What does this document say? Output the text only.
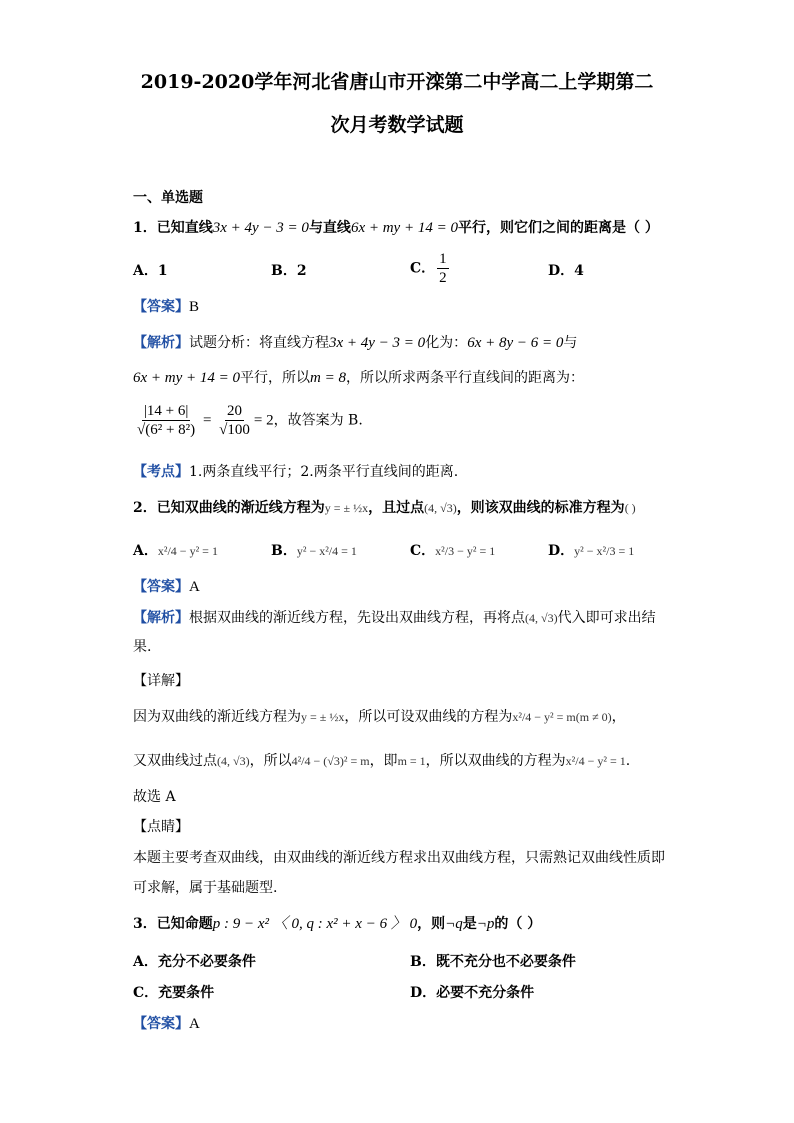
2019-2020学年河北省唐山市开滦第二中学高二上学期第二
次月考数学试题
一、单选题
1．已知直线3x + 4y − 3 = 0与直线6x + my + 14 = 0平行，则它们之间的距离是（ ）
A．1	B．2	C． $\frac{1}{2}$	D．4
【答案】B
【解析】试题分析：将直线方程3x + 4y − 3 = 0化为：6x + 8y − 6 = 0与
6x + my + 14 = 0平行，所以m = 8，所以所求两条平行直线间的距离为：
$\frac{|14 + 6|}{\text{√(6² + 8²)}} = \frac{20}{√100} = 2$，故答案为 B.
【考点】1.两条直线平行；2.两条平行直线间的距离.
2．已知双曲线的渐近线方程为y = ± ½x，且过点(4, √3)，则该双曲线的标准方程为( )
A．x²/4 − y² = 1	B．y² − x²/4 = 1	C．x²/3 − y² = 1	D．y² − x²/3 = 1
【答案】A
【解析】根据双曲线的渐近线方程，先设出双曲线方程，再将点(4, √3)代入即可求出结
果.
【详解】
因为双曲线的渐近线方程为y = ± ½x，所以可设双曲线的方程为x²/4 − y² = m(m ≠ 0)，
又双曲线过点(4, √3)，所以4²/4 − (√3)² = m，即m = 1，所以双曲线的方程为x²/4 − y² = 1.
故选 A
【点睛】
本题主要考查双曲线，由双曲线的渐近线方程求出双曲线方程，只需熟记双曲线性质即
可求解，属于基础题型.
3．已知命题p : 9 − x² 〈 0, q : x² + x − 6 〉 0，则¬q是¬p的（ ）
A．充分不必要条件	B．既不充分也不必要条件
C．充要条件	D．必要不充分条件
【答案】A
